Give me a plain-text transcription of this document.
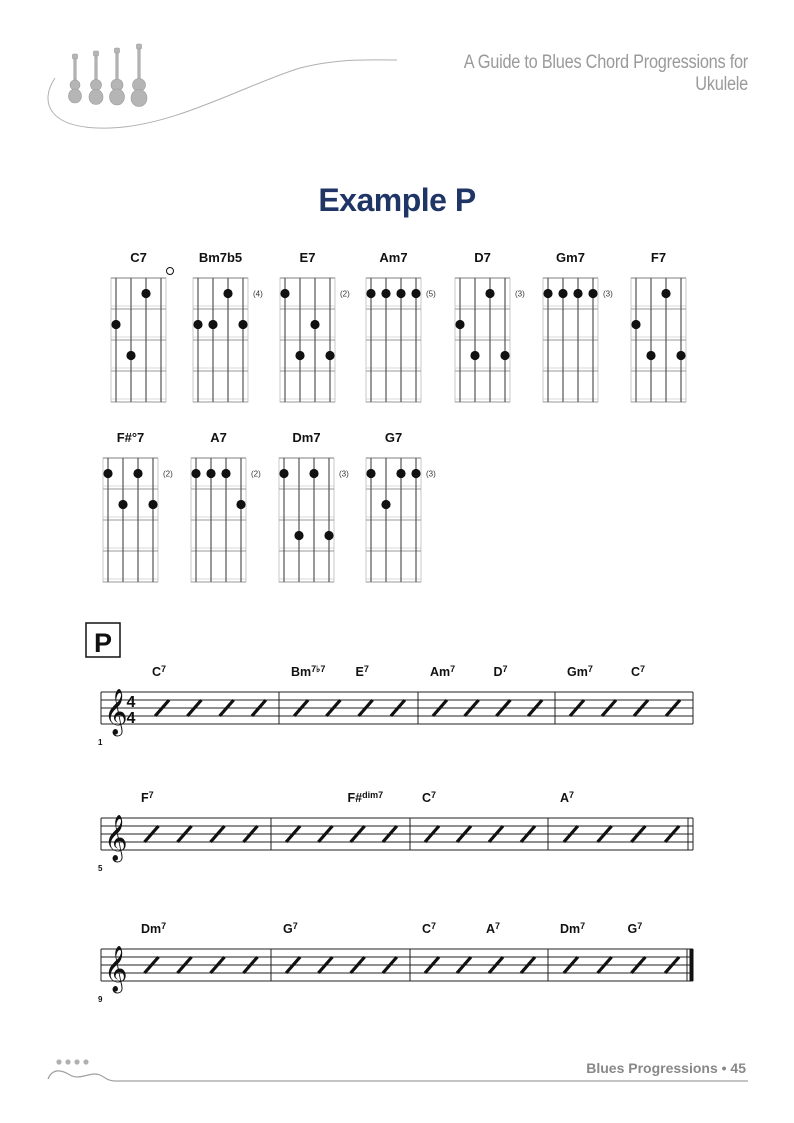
A Guide to Blues Chord Progressions for Ukulele
Example P
C7	Bm7b5
(4)
E7
(2)
Am7
(5)
D7
(3)
Gm7
(3)
F7
F#°7
(2)
A7
(2)
Dm7
(3)
G7
(3)
P
𝄞
1
4
4
$C^7$	$Bm^{7♭7}$ $E^7$	Am$^7$	$D^7$	Gm$^7$	$C^7$
𝄞
5
$F^7$	F#$^{dim7}$	$C^7$	$A^7$
𝄞
9
Dm$^7$	$G^7$	$C^7$	$A^7$	Dm$^7$	$G^7$
Blues Progressions • 45
